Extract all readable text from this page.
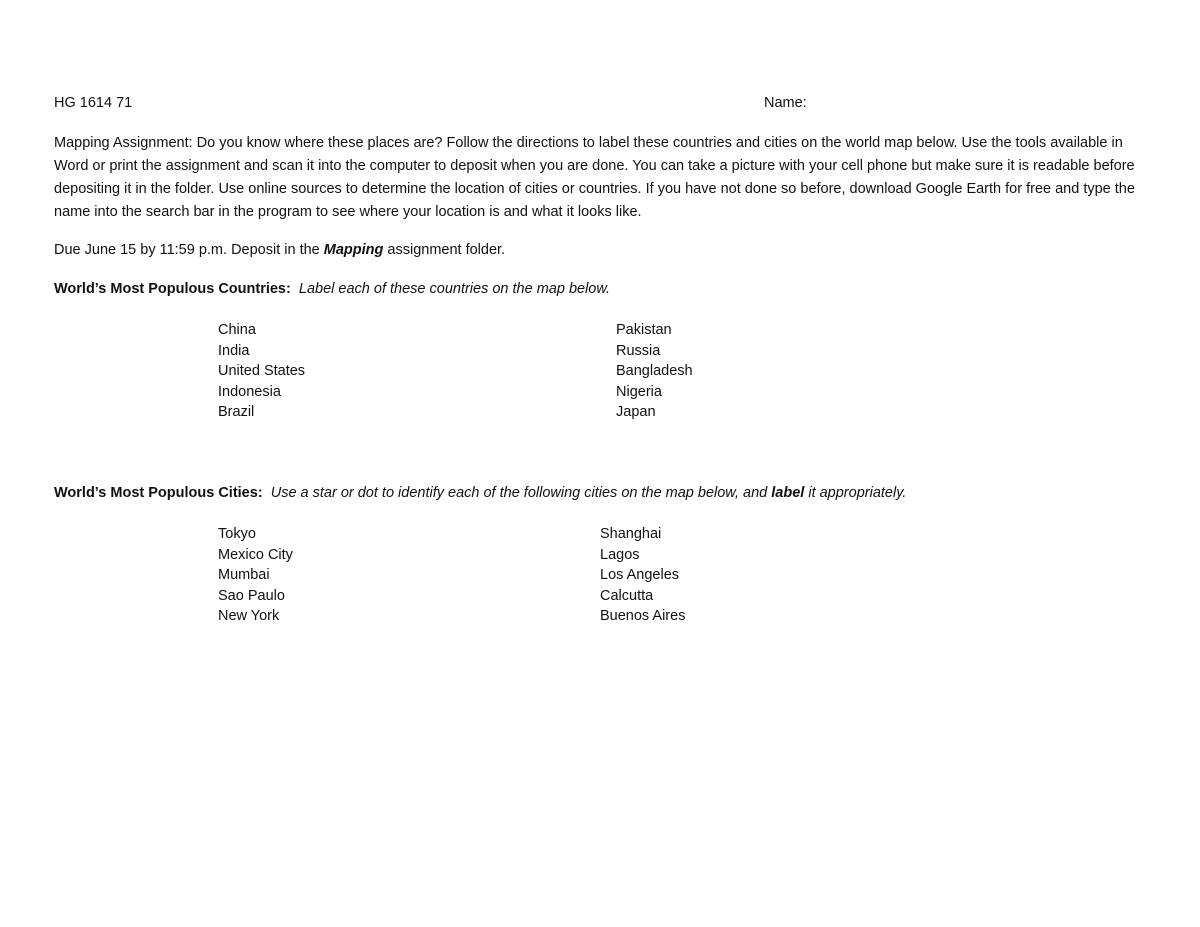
HG 1614 71	Name:

Mapping Assignment: Do you know where these places are? Follow the directions to label these countries and cities on the world map below. Use the tools available in Word or print the assignment and scan it into the computer to deposit when you are done. You can take a picture with your cell phone but make sure it is readable before depositing it in the folder. Use online sources to determine the location of cities or countries. If you have not done so before, download Google Earth for free and type the name into the search bar in the program to see where your location is and what it looks like.

Due June 15 by 11:59 p.m. Deposit in the Mapping assignment folder.

World’s Most Populous Countries: Label each of these countries on the map below.

China
India
United States
Indonesia
Brazil
Pakistan
Russia
Bangladesh
Nigeria
Japan

World’s Most Populous Cities: Use a star or dot to identify each of the following cities on the map below, and label it appropriately.

Tokyo
Mexico City
Mumbai
Sao Paulo
New York
Shanghai
Lagos
Los Angeles
Calcutta
Buenos Aires
